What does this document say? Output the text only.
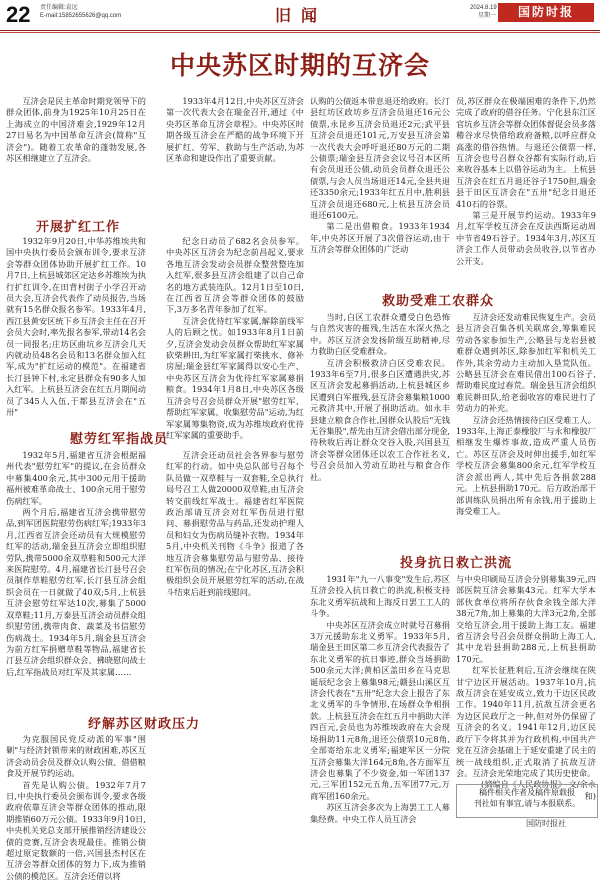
22 责任编辑:袁远
E-mail:15852655626@qq.com	旧闻	2024.8.19
星期一	国防时报
中央苏区时期的互济会

互济会是民主革命时期党领导下的群众团体,前身为1925年10月25日在上海成立的中国济难会,1929年12月27日易名为中国革命互济会(简称"互济会")。随着工农革命的蓬勃发展,各苏区相继建立了互济会。

1933年4月12日,中央苏区互济会第一次代表大会在瑞金召开,通过《中央苏区革命互济会章程》。中央苏区时期各级互济会在严酷的战争环境下开展扩红、劳军、救助与生产活动,为苏区革命和建设作出了重要贡献。

开展扩红工作

1932年9月20日,中华苏维埃共和国中央执行委员会颁布训令,要求互济会等群众团体协助开展扩红工作。10月7日,上杭县城郊区定达乡苏维埃为执行扩红训令,在田背村街子小学召开动员大会,互济会代表作了动员报告,当场就有15名群众报名参军。1933年4月,西江县黄安区统下乡互济会主任在召开会员大会时,率先报名参军,带动14名会员一同报名;庄坊区曲坑乡互济会几天内就动员48名会员和13名群众加入红军,成为"扩红运动的模范"。在福建省长汀县钟下村,永定县群众有90多人加入红军。上杭县互济会在红五月期间动员了345人入伍,于都县互济会在"五卅"

纪念日动员了682名会员参军。中央苏区互济会为纪念前昌起义,要求各地互济会发动会员群众整营整连加入红军,很多县互济会组建了以自己命名的地方武装连队。12月1日至10日,在江西省互济会等群众团体的鼓励下,3万多名青年参加了红军。

互济会优待红军家属,解除前线军人的后顾之忧。如1933年8月1日前夕,互济会发动会员群众帮助红军家属砍柴耕田,为红军家属打柴挑水、修补房屋;瑞金县红军家属得以安心生产、中央苏区互济会为优待红军家属募捐粮食。1934年1月8日,中央苏区各级互济会号召会员群众开展"慰劳红军、帮助红军家属、收集慰劳品"运动,为红军家属筹集物资,成为苏维埃政府优待红军家属的重要助手。

慰劳红军指战员

1932年5月,福建省互济会根据福州代表"慰劳红军"的提议,在会员群众中募集400余元,其中300元用于援助福州被难革命战士、100余元用于慰劳伤病红军。

两个月后,福建省互济会携带慰劳品,到军团医院慰劳伤病红军;1933年3月,江西省互济会还动员有大规模慰劳红军的活动,瑞金县互济会立即组织慰劳队,携带5000余双草鞋和500元大洋来医院慰劳。4月,福建省长汀县号召会员制作草鞋慰劳红军,长汀县互济会组织会员在一日就做了40双;5月,上杭县互济会慰劳红军达10次,募集了5000双草鞋;11月,万泰县互济会动员群众组织慰劳团,携带肉食、蔬菜及书信慰劳伤病战士。1934年5月,瑞金县互济会为前方红军捐赠草鞋等物品,福建省长汀县互济会组织群众会、拂晓慰问战士后,红军指战员对红军及其家属……

互济会还动员社会各界参与慰劳红军的行动。如中央总队部号召每个队员做一双草鞋与一双套鞋,全总执行局号召工人做20000双草鞋,由互济会转交前线红军战士。福建省红军医院政治部请互济会对红军伤员进行慰问、募捐慰劳品与药品,还发动护理人员和妇女为伤病员缝补衣物。1934年5月,中央机关刊物《斗争》报道了各地互济会募集慰劳品与慰劳品、接待红军伤员的情况;在宁化苏区,互济会积极组织会员开展慰劳红军的活动,在战斗结束后赶到前线慰问。

纾解苏区财政压力

为克服国民党反动派的军事"围剿"与经济封锁带来的财政困难,苏区互济会动员会员及群众认购公债、借借粮食及开展节约运动。

首先是认购公债。1932年7月7日,中央执行委员会颁布训令,要求各级政府依靠互济会等群众团体的推动,限期推销60万元公债。1933年9月10日,中央机关党总支部开展推销经济建设公债的竞赛,互济会表现最佳。推销公债超过原定数额的一倍,兴国县杰村区在互济会等群众团体的努力下,成为推销公债的模范区。互济会还借以将

认购的公债返本带息退还给政府。长汀县红坊区政坊乡互济会员退还16元公债票,永昆乡互济会员退还2元;武平县互济会员退还101元,万安县互济会第一次代表大会呼吁退还80万元的二期公债票;瑞金县互济会会议号召本区所有会员退还公债,动员会员群众退还公债票,与会人员当场退还14元,全县共退还3350余元;1933年红五月中,胜利县互济会员退还680元,上杭县互济会员退还6100元。

第二是出借粮食。1933年1934年,中央苏区开展了3次借谷运动,由于互济会等群众团体的广泛动

员,苏区群众在极端困难的条件下,仍然完成了政府的借谷任务。宁化县东江区官坑乡互济会等群众团体督促会员多落稽谷求尽快借给政府备粮,以呼应群众高涨的借谷热情。与退还公债票一样,互济会也号召群众谷都有实际行动,后来收谷基本上以借谷运动为主。上杭县互济会在红五月退还谷子1750担,瑞金县于田区互济会在"五卅"纪念日退还410石的谷票。

第三是开展节约运动。1933年9月,红军学校互济会在反法西斯运动周中节省49石谷子。1934年3月,苏区互济会工作人员带动会员收谷,以节省办公开支。

救助受难工农群众

当时,白区工农群众遭受白色恐怖与自然灾害的摧残,生活在水深火热之中。苏区互济会发扬阶级互助精神,尽力救助白区受难群众。

互济会积极救济白区受难农民。1933年6至7月,很多白区遭遇洪灾,苏区互济会发起募捐活动,上杭县城区乡民遭到白军摧残,县互济会募集粮1000元救济其中,开展了捐助活动。如永丰县建立粮食合作社,国群众认股后"无钱无谷集股",帮先由互济会借出部分现金,待秋收后再让群众交谷入股,兴国县互济会等群众团体还以农工合作社名义,号召会员加入劳动互助社与粮食合作社。

互济会还发动难民恢复生产。会员县互济会召集各机关联席会,筹集难民劳动各家参加生产,公略县与龙岩县被难群众遇到苏区,除参加红军和机关工作外,其余劳动力主动加入垦荒队伍。公略县互济会在难民借出100石谷子,帮助难民度过春荒。瑞金县互济会组织难民耕田队,给老弱收容的难民进行了劳动力的补充。

互济会还热情接待白区受难工人。1933年,上海正泰橡胶厂与永和橡胶厂相继发生爆炸事故,造成严重人员伤亡。苏区互济会及时伸出援手,如红军学校互济会募集800余元,红军学校互济会派出两人,其中先后各捐款288元。上杭县捐助170元。后方政治部干部训练队员捐出所有余钱,用于援助上海受难工人。

投身抗日救亡洪流

1931年"九一八事变"发生后,苏区互济会投入抗日救亡的洪流,积极支持东北义勇军抗战和上海反日罢工工人的斗争。

中央苏区互济会成立时就号召募捐3万元援助东北义勇军。1933年5月,瑞金县王田区第二乡互济会代表报告了东北义勇军的抗日事迹,群众当场捐助500余元大洋;黄柏区盖田乡在马克思诞辰纪念会上募集98元;赣县山溪区互济会代表在"五卅"纪念大会上报告了东北义勇军的斗争情形,在场群众争相捐款。上杭县互济会在红五月中捐助大洋四百元,会员也为苏维埃政府在大会现场捐助11元8角,退还公债票10元8角,全部寄给东北义勇军;福建军区一分院互济会募集大洋164元8角,各方面军互济会也募集了不少资金,如一军团137元,三军团152元五角,五军团77元,万商军团160余元。

苏区互济会多次为上海罢工工人募集经费。中央工作人员互济会

与中央印刷局互济会分别募集39元,四部医院互济会募集43元。红军大学本部伙食单位将所存伙食余钱全部大洋38元7角,加上募集的大洋3元2角,全部交给互济会,用于援助上海工友。福建省互济会号召会员群众捐助上海工人,其中龙岩县捐助288元,上杭县捐助170元。

红军长征胜利后,互济会继续在陕甘宁边区开展活动。1937年10月,抗敌互济会在延安成立,致力于边区民政工作。1940年11月,抗敌互济会更名为边区民政厅之一种,但对外仍保留了互济会的名义。1941年12月,边区民政厅下令将其并为行政机构,中国共产党在互济会基础上于延安重建了民主的统一战线组织,正式取消了抗敌互济会。互济会光荣地完成了其历史使命。

(摘编自《人民政协报》 文/余永和)

稿件相关作者及稿件原载报
刊社如有事宜,请与本报联系。
国防时报社
